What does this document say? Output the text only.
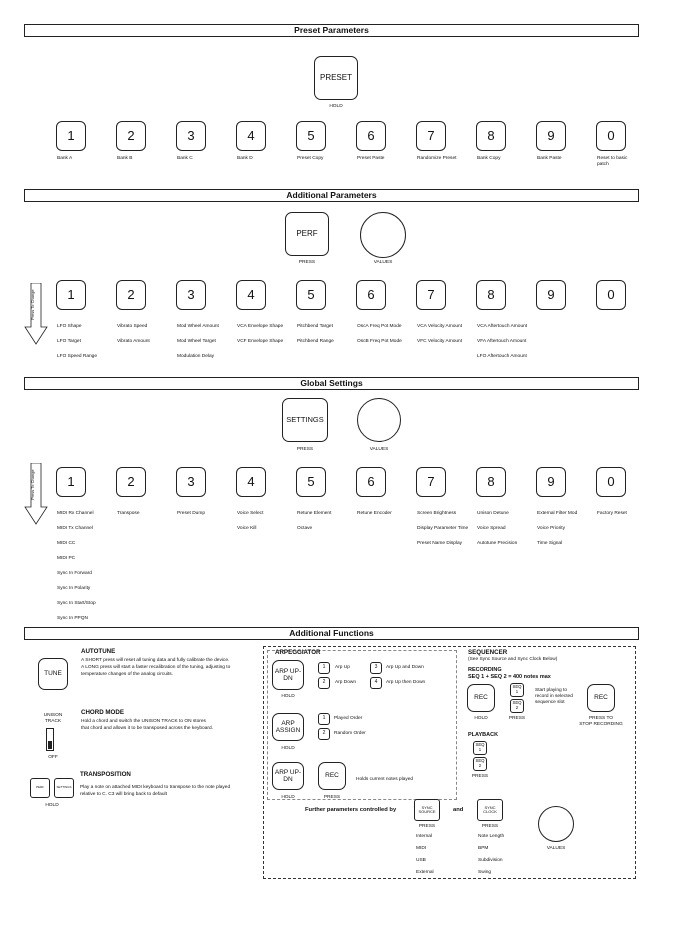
Preset Parameters
PRESET
HOLD
1
Bank A
2
Bank B
3
Bank C
4
Bank D
5
Preset Copy
6
Preset Paste
7
Randomize Preset
8
Bank Copy
9
Bank Paste
0
Reset to basic patch
Additional Parameters
PERF
PRESS	VALUES
Press To Change	1
LFO Shape
LFO Target
LFO Speed Range
2
Vibrato Speed
Vibrato Amount
3
Mod Wheel Amount
Mod Wheel Target
Modulation Delay
4
VCA Envelope Shape
VCF Envelope Shape
5
Pitchbend Target
Pitchbend Range
6
OscA Freq Pot Mode
OscB Freq Pot Mode
7
VCA Velocity Amount
VFC Velocity Amount
8
VCA Aftertouch Amount
VFA Aftertouch Amount
LFO Aftertouch Amount
9	0
Global Settings
SETTINGS
PRESS	VALUES
Press To Change	1
MIDI Rx Channel
MIDI Tx Channel
MIDI CC
MIDI PC
Sync In Forward
Sync In Polarity
Sync In Start/Stop
Sync In PPQN
2
Transpose
3
Preset Dump
4
Voice Select
Voice Kill
5
Retune Element
Octave
6
Retune Encoder
7
Screen Brightness
Display Parameter Time
Preset Name Display
8
Unison Detune
Voice Spread
Autotune Precision
9
External Filter Mod
Voice Priority
Time Signal
0
Factory Reset
Additional Functions
TUNE
AUTOTUNE
A SHORT press will reset all tuning data and fully calibrate the device.
A LONG press will start a faster recalibration of the tuning, adjusting to
temperature changes of the analog circuits.
UNISON TRACK
OFF
CHORD MODE
Hold a chord and switch the UNISON TRACK to ON stores
that chord and allows it to be transposed across the keyboard.
PERF	SETTINGS
HOLD
TRANSPOSITION
Play a note on attached MIDI keyboard to transpose to the note played
relative to C. C3 will bring back to default
ARPEGGIATOR
ARP UP-DN
HOLD
1	Arp Up
2	Arp Down
3	Arp Up and Down
4	Arp Up then Down
ARP ASSIGN
HOLD
1	Played Order
2	Random Order
ARP UP-DN
HOLD
REC
PRESS
Holds current notes played
Further parameters controlled by	SYNC SOURCE
PRESS
and	SYNC CLOCK
PRESS
Internal
MIDI
USB
External
Note Length
BPM
Subdivision
Swing
VALUES
SEQUENCER
(See Sync Source and Sync Clock Below)
RECORDING
SEQ 1 + SEQ 2 = 400 notes max
REC
HOLD
SEQ 1
SEQ 2
PRESS
Start playing to
record in selected
sequence slot
REC
PRESS TO
STOP RECORDING
PLAYBACK
SEQ 1
SEQ 2
PRESS
